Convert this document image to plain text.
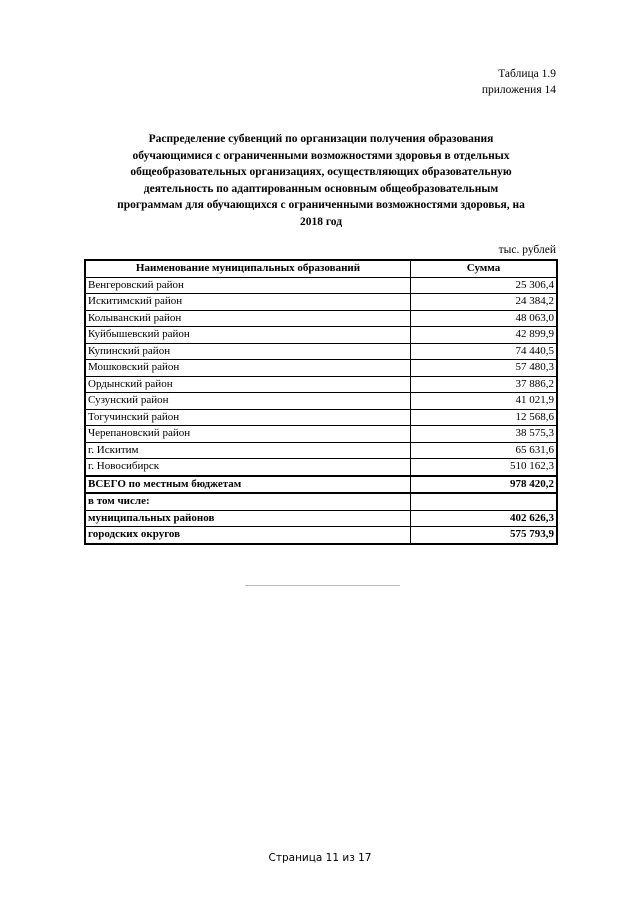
Таблица 1.9
приложения 14
Распределение субвенций по организации получения образования
обучающимися с ограниченными возможностями здоровья в отдельных
общеобразовательных организациях, осуществляющих образовательную
деятельность по адаптированным основным общеобразовательным
программам для обучающихся с ограниченными возможностями здоровья, на
2018 год
тыс. рублей
Наименование муниципальных образований	Сумма
Венгеровский район	25 306,4
Искитимский район	24 384,2
Колыванский район	48 063,0
Куйбышевский район	42 899,9
Купинский район	74 440,5
Мошковский район	57 480,3
Ордынский район	37 886,2
Сузунский район	41 021,9
Тогучинский район	12 568,6
Черепановский район	38 575,3
г. Искитим	65 631,6
г. Новосибирск	510 162,3
ВСЕГО по местным бюджетам	978 420,2
в том числе:	
муниципальных районов	402 626,3
городских округов	575 793,9
Страница 11 из 17
